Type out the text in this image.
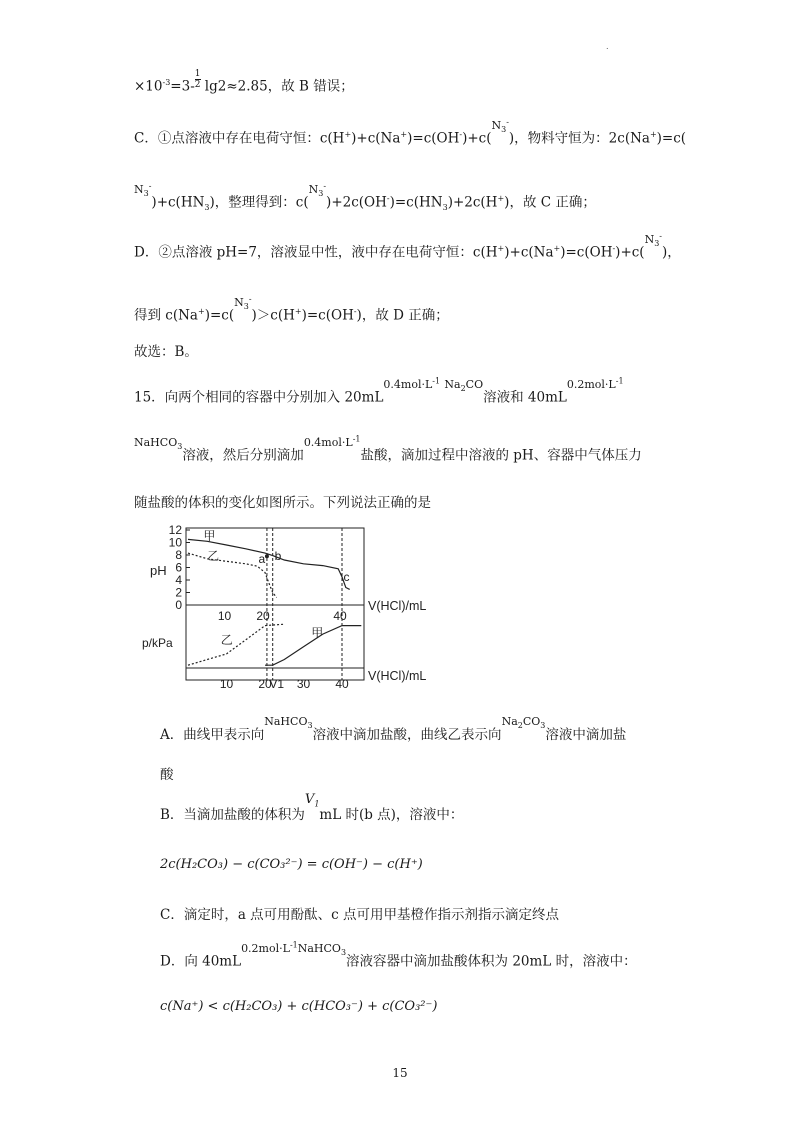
.
$\times 10^{-3}=3- \frac{1}{2} \lg 2\approx 2.85$，故 B 错误；
C．①点溶液中存在电荷守恒：c(H+)+c(Na+)=c(OH-)+c($^{N_3^-}$)，物料守恒为：2c(Na+)=c(
$^{N_3^-})+c(HN_3)$，整理得到：$c(^{N_3^-})+2c(OH^-)=c(HN_3)+2c(H^+)$，故 C 正确；
D．②点溶液 pH=7，溶液显中性，液中存在电荷守恒：c(H+)+c(Na+)=c(OH-)+c($^{N_3^-}$)，
得到 c(Na+)=c($^{N_3^-}$)＞c(H+)=c(OH-)，故 D 正确；
故选：B。
15．向两个相同的容器中分别加入 $20mL^{0.4mol\cdot L^{-1}}$ $^{Na_2CO}$溶液和 $40mL^{0.2mol\cdot L^{-1}}$
$^{NaHCO_3}$溶液，然后分别滴加$^{0.4mol\cdot L^{-1}}$盐酸，滴加过程中溶液的 pH、容器中气体压力
随盐酸的体积的变化如图所示。下列说法正确的是
12
10
8
6
4
2
0
pH
V(HCl)/mL
10 20	40
p/kPa
V(HCl)/mL
10 20
V1 30 40
甲
乙	a b
c
乙	甲
A．曲线甲表示向$^{NaHCO_3}$溶液中滴加盐酸，曲线乙表示向$^{Na_2CO_3}$溶液中滴加盐
酸
B．当滴加盐酸的体积为$V_1mL$ 时(b 点)，溶液中：
2c(H₂CO₃) − c(CO₃²⁻) = c(OH⁻) − c(H⁺)
C．滴定时，a 点可用酚酞、c 点可用甲基橙作指示剂指示滴定终点
D．向 $40mL^{0.2mol\cdot L^{-1}NaHCO_3}$溶液容器中滴加盐酸体积为 20mL 时，溶液中：
c(Na⁺) < c(H₂CO₃) + c(HCO₃⁻) + c(CO₃²⁻)
15
